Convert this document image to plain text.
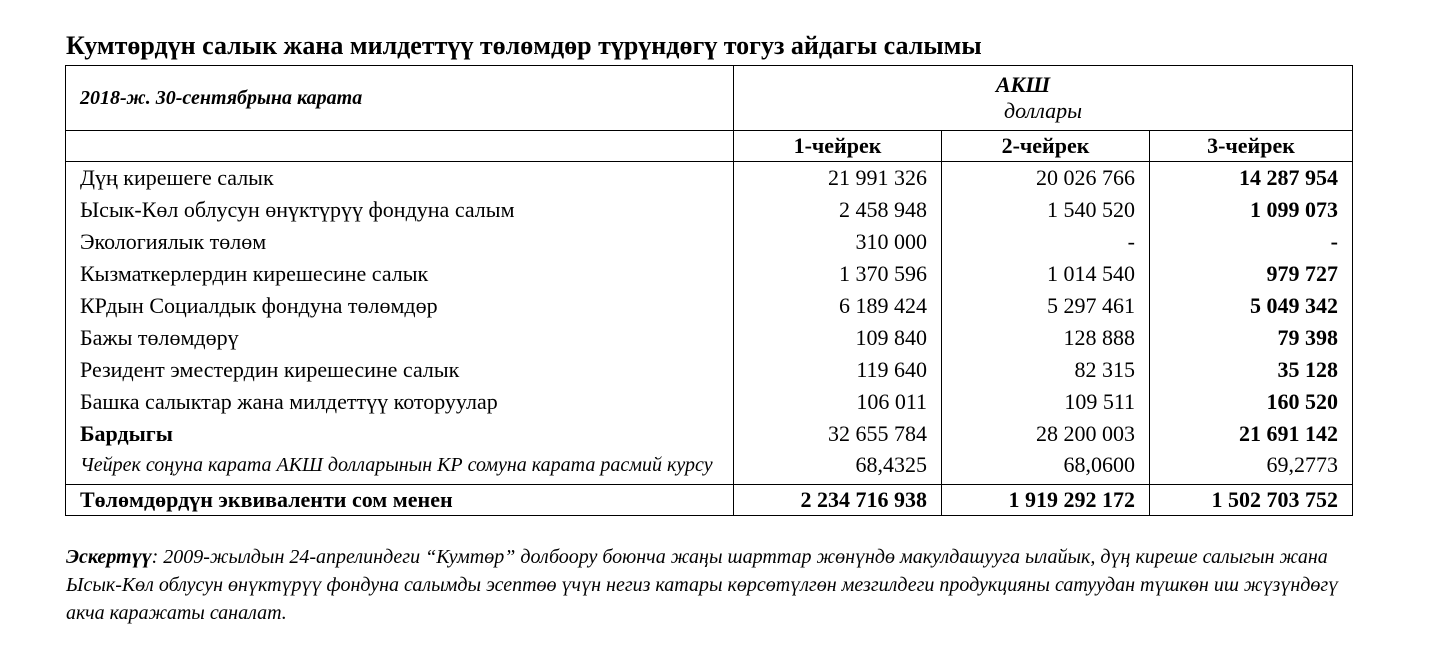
Кумтөрдүн салык жана милдеттүү төлөмдөр түрүндөгү тогуз айдагы салымы
2018-ж. 30-сентябрына карата	АКШ
доллары		

	1-чейрек	2-чейрек	3-чейрек
Дүң кирешеге салык	21 991 326	20 026 766	14 287 954
Ысык-Көл облусун өнүктүрүү фондуна салым	2 458 948	1 540 520	1 099 073
Экологиялык төлөм	310 000	-	-
Кызматкерлердин кирешесине салык	1 370 596	1 014 540	979 727
КРдын Социалдык фондуна төлөмдөр	6 189 424	5 297 461	5 049 342
Бажы төлөмдөрү	109 840	128 888	79 398
Резидент эместердин кирешесине салык	119 640	82 315	35 128
Башка салыктар жана милдеттүү которуулар	106 011	109 511	160 520
Бардыгы	32 655 784	28 200 003	21 691 142
Чейрек соңуна карата АКШ долларынын КР сомуна карата расмий курсу	68,4325	68,0600	69,2773
Төлөмдөрдүн эквиваленти сом менен	2 234 716 938	1 919 292 172	1 502 703 752
Эскертүү: 2009-жылдын 24-апрелиндеги “Кумтөр” долбоору боюнча жаңы шарттар жөнүндө макулдашууга ылайык, дүң киреше салыгын жана Ысык-Көл облусун өнүктүрүү фондуна салымды эсептөө үчүн негиз катары көрсөтүлгөн мезгилдеги продукцияны сатуудан түшкөн иш жүзүндөгү акча каражаты саналат.
